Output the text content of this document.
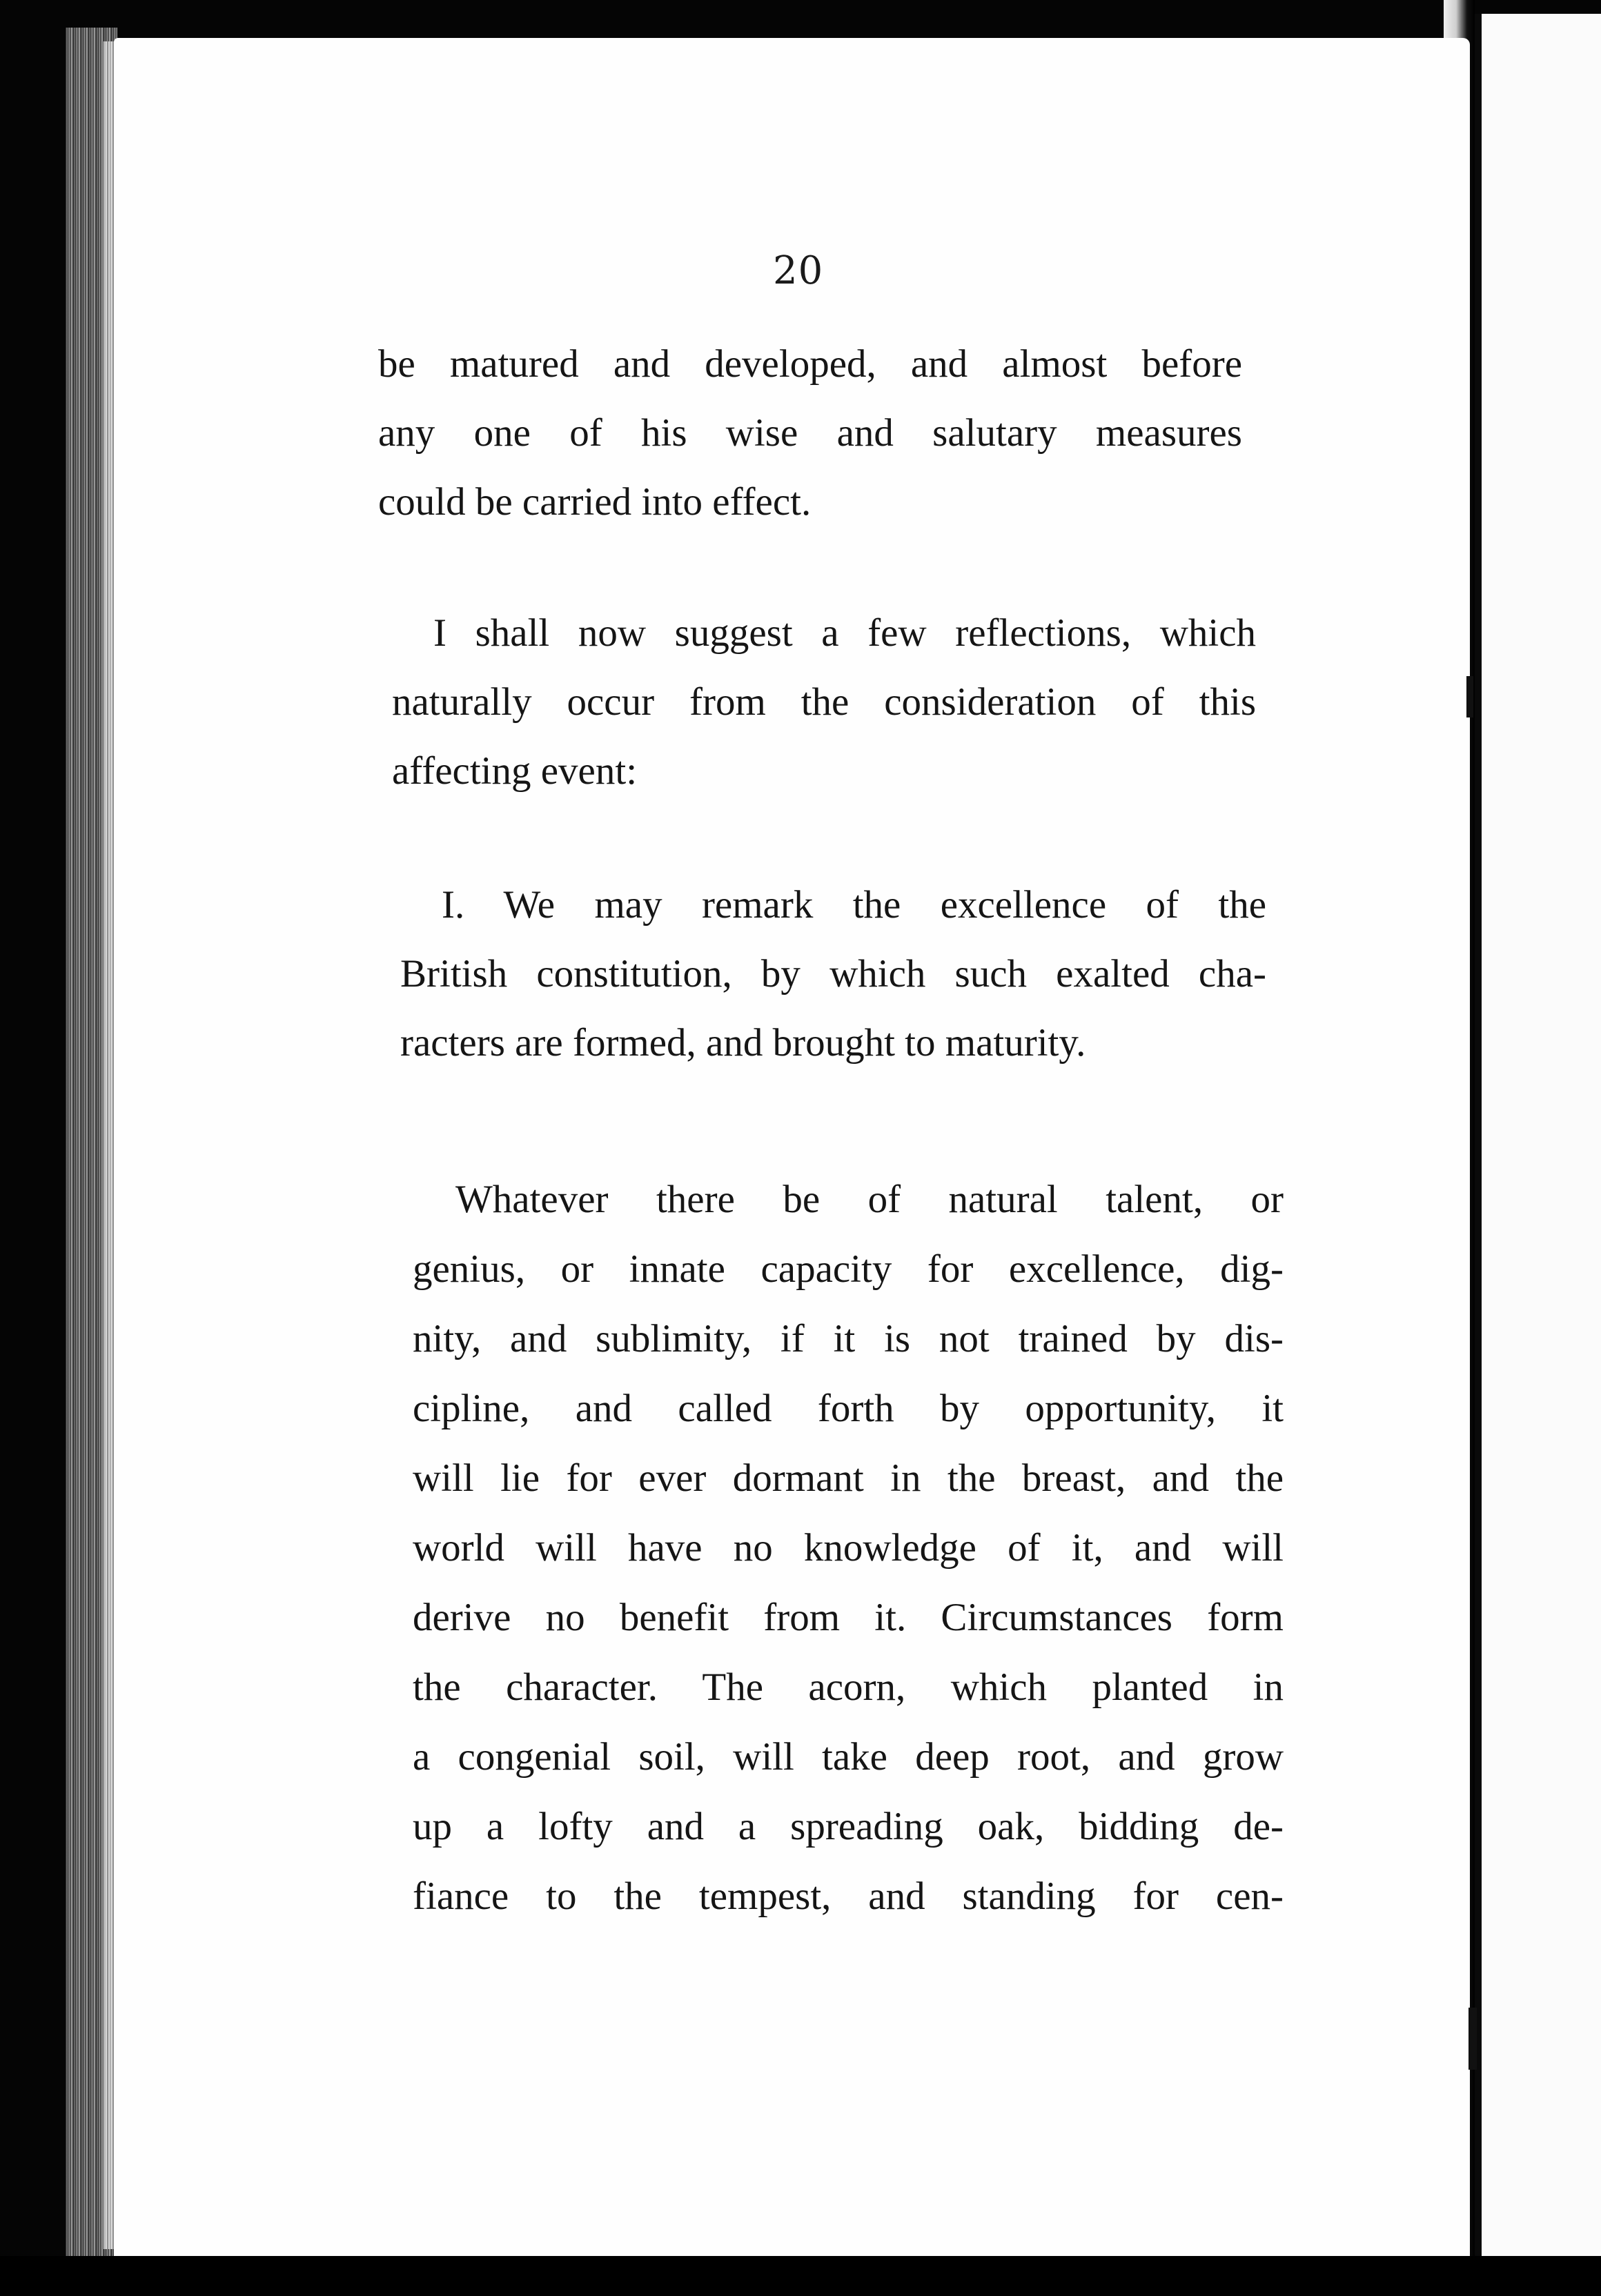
20
be matured and developed, and almost before
any one of his wise and salutary measures
could be carried into effect.
I shall now suggest a few reflections, which
naturally occur from the consideration of this
affecting event:
I. We may remark the excellence of the
British constitution, by which such exalted cha-
racters are formed, and brought to maturity.
Whatever there be of natural talent, or
genius, or innate capacity for excellence, dig-
nity, and sublimity, if it is not trained by dis-
cipline, and called forth by opportunity, it
will lie for ever dormant in the breast, and the
world will have no knowledge of it, and will
derive no benefit from it. Circumstances form
the character. The acorn, which planted in
a congenial soil, will take deep root, and grow
up a lofty and a spreading oak, bidding de-
fiance to the tempest, and standing for cen-
